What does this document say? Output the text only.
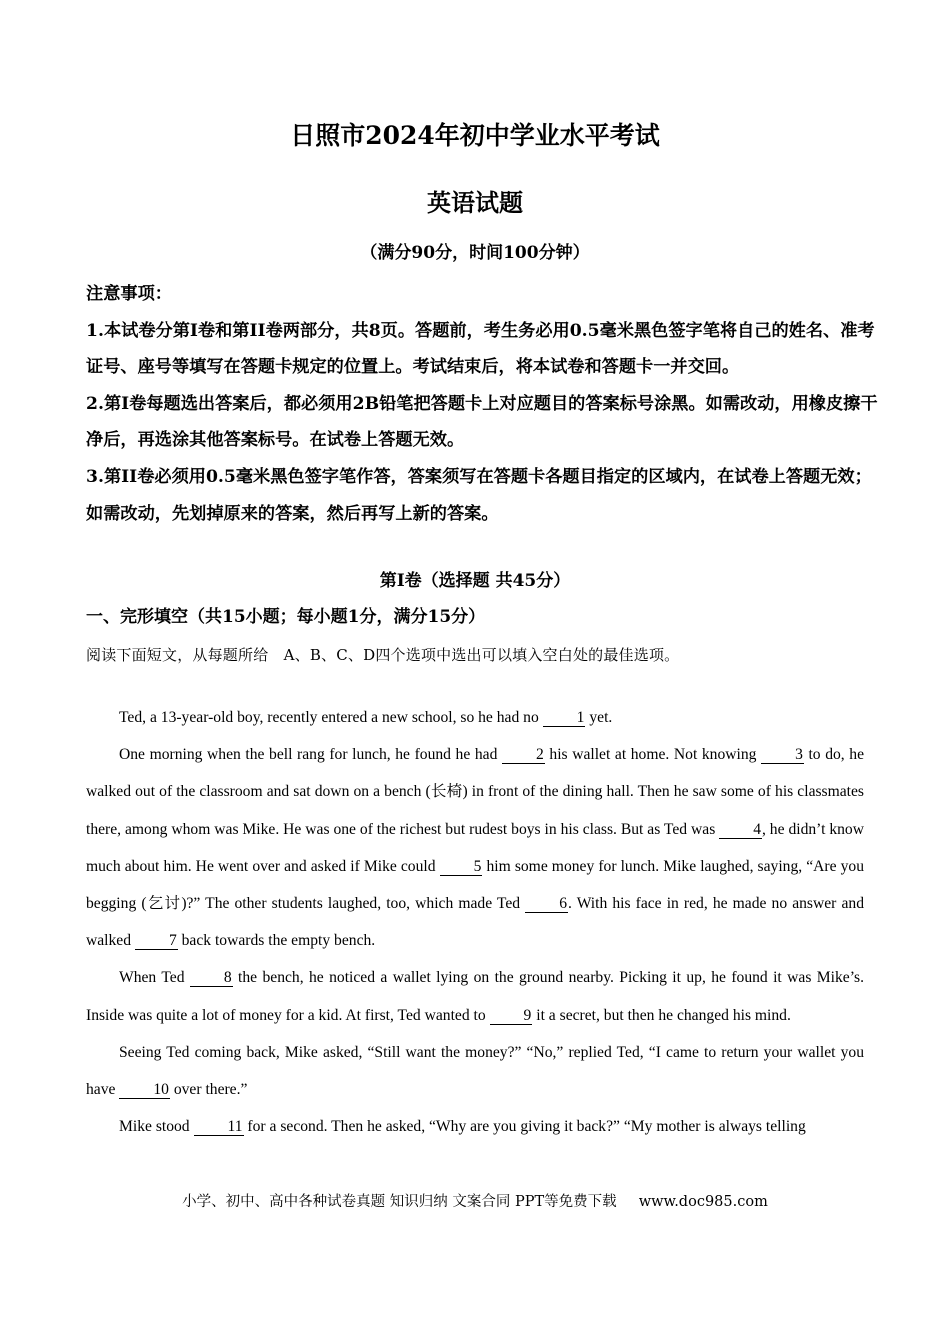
日照市2024年初中学业水平考试
英语试题
（满分90分，时间100分钟）

注意事项：

1.本试卷分第I卷和第II卷两部分，共8页。答题前，考生务必用0.5毫米黑色签字笔将自己的姓名、准考证号、座号等填写在答题卡规定的位置上。考试结束后，将本试卷和答题卡一并交回。

2.第I卷每题选出答案后，都必须用2B铅笔把答题卡上对应题目的答案标号涂黑。如需改动，用橡皮擦干净后，再选涂其他答案标号。在试卷上答题无效。

3.第II卷必须用0.5毫米黑色签字笔作答，答案须写在答题卡各题目指定的区域内，在试卷上答题无效；如需改动，先划掉原来的答案，然后再写上新的答案。

第I卷（选择题 共45分）
一、完形填空（共15小题；每小题1分，满分15分）
阅读下面短文，从每题所给　A、B、C、D四个选项中选出可以填入空白处的最佳选项。

Ted, a 13-year-old boy, recently entered a new school, so he had no 1 yet.

One morning when the bell rang for lunch, he found he had 2 his wallet at home. Not knowing 3 to do, he walked out of the classroom and sat down on a bench (长椅) in front of the dining hall. Then he saw some of his classmates there, among whom was Mike. He was one of the richest but rudest boys in his class. But as Ted was 4, he didn’t know much about him. He went over and asked if Mike could 5 him some money for lunch. Mike laughed, saying, “Are you begging (乞讨)?” The other students laughed, too, which made Ted 6. With his face in red, he made no answer and walked 7 back towards the empty bench.

When Ted 8 the bench, he noticed a wallet lying on the ground nearby. Picking it up, he found it was Mike’s. Inside was quite a lot of money for a kid. At first, Ted wanted to 9 it a secret, but then he changed his mind.

Seeing Ted coming back, Mike asked, “Still want the money?” “No,” replied Ted, “I came to return your wallet you have 10 over there.”

Mike stood 11 for a second. Then he asked, “Why are you giving it back?” “My mother is always telling

小学、初中、高中各种试卷真题 知识归纳 文案合同 PPT等免费下载 www.doc985.com
